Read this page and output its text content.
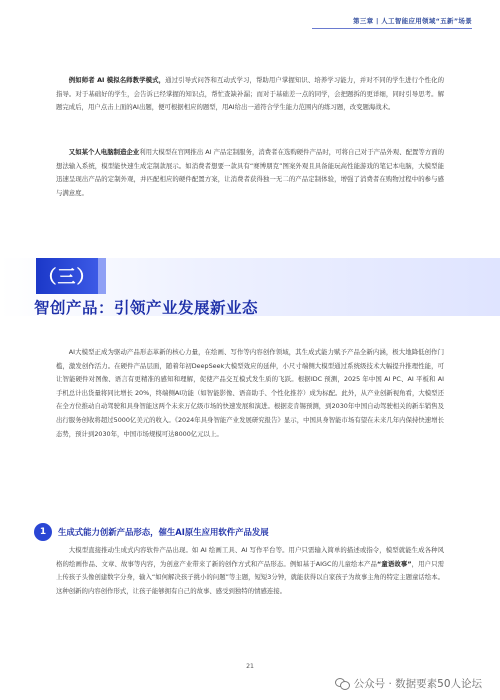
第三章 | 人工智能应用领域“五新”场景
例如师者 AI 模拟名师教学模式，通过引导式问答和互动式学习，帮助用户掌握知识、培养学习能力，并对不同的学生进行个性化的指导。对于基础好的学生，会告诉已经掌握的知识点，帮忙查缺补漏；而对于基础差一点的同学，会把题拆的更详细，同时引导思考。解题完成后，用户点击上面的AI出题，便可根据相应的题型，用AI给出一道符合学生能力范围内的练习题，改变题海战术。
又如某个人电脑制造企业利用大模型在官网推出 AI 产品定制服务，消费者在选购硬件产品时，可将自己对于产品外观、配置等方面的想法输入系统，模型能快速生成定制款展示。如消费者想要一款具有“赛博朋克”图案外观且具备能玩高性能游戏的笔记本电脑，大模型能迅速呈现出产品的定制外观，并匹配相应的硬件配置方案，让消费者获得独一无二的产品定制体验，增强了消费者在购物过程中的参与感与满意度。
（三）
智创产品：引领产业发展新业态
AI大模型正成为驱动产品形态革新的核心力量，在绘画、写作等内容创作领域，其生成式能力赋予产品全新内涵，极大地降低创作门槛，激发创作活力。在硬件产品层面，随着年初DeepSeek大模型效应的延伸，小尺寸端侧大模型通过系统级技术大幅提升推理性能，可让智能硬件对图像、语言有更精准的感知和理解，促使产品交互模式发生质的飞跃。根据IDC 预测，2025 年中国 AI PC、AI 平板和 AI 手机总计出货量将同比增长 20%，终端侧AI功能（如智能影像、语音助手、个性化推荐）成为标配。此外，从产业创新视角看，大模型还在全方位推动自动驾驶和具身智能这两个未来万亿级市场的快速发展和演进。根据麦肯锡预测，到2030年中国自动驾驶相关的新车销售及出行服务创收将超过5000亿美元的收入。《2024年具身智能产业发展研究报告》显示，中国具身智能市场有望在未来几年内保持快速增长态势，预计到2030年，中国市场规模可达8000亿元以上。
1	生成式能力创新产品形态，催生AI原生应用软件产品发展
大模型直接推动生成式内容软件产品出现。如 AI 绘画工具、AI 写作平台等。用户只需输入简单的描述或指令，模型就能生成各种风格的绘画作品、文章、故事等内容，为创意产业带来了新的创作方式和产品形态。例如基于AIGC的儿童绘本产品“童语故事”，用户只需上传孩子头像创建数字分身，输入“如何解决孩子挑小的问题”等主题，短短3分钟，就能获得以自家孩子为故事主角的特定主题童话绘本。这种创新的内容创作形式，让孩子能够拥有自己的故事、感受到独特的情感连接。
21
公众号 · 数据要素50人论坛
